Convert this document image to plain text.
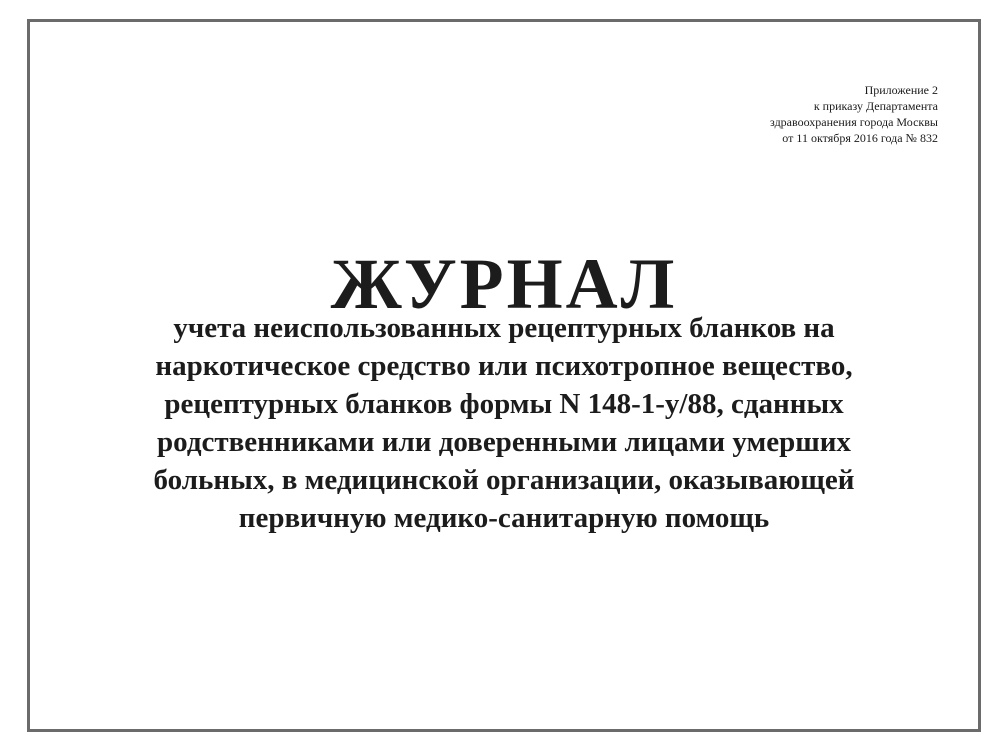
Приложение 2
к приказу Департамента
здравоохранения города Москвы
от 11 октября 2016 года № 832
ЖУРНАЛ
учета неиспользованных рецептурных бланков на
наркотическое средство или психотропное вещество,
рецептурных бланков формы N 148-1-у/88, сданных
родственниками или доверенными лицами умерших
больных, в медицинской организации, оказывающей
первичную медико-санитарную помощь
